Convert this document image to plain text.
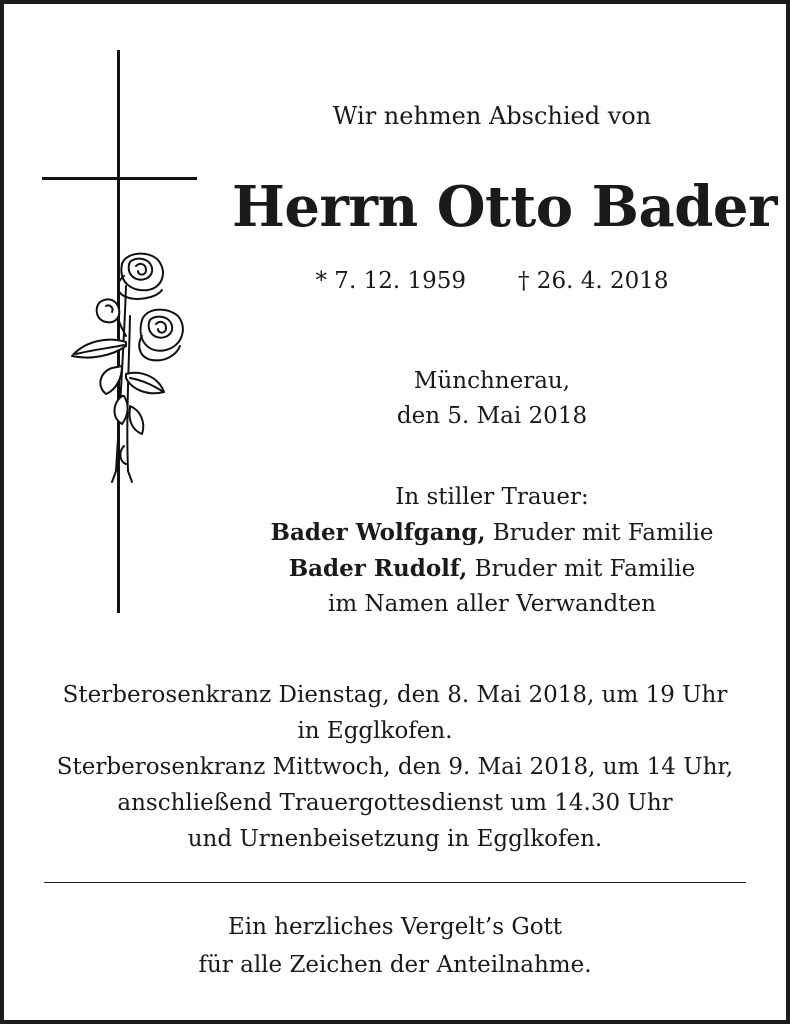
Wir nehmen Abschied von
Herrn Otto Bader
* 7. 12. 1959 † 26. 4. 2018
Münchnerau,
den 5. Mai 2018
In stiller Trauer:
Bader Wolfgang, Bruder mit Familie
Bader Rudolf, Bruder mit Familie
im Namen aller Verwandten
Sterberosenkranz Dienstag, den 8. Mai 2018, um 19 Uhr
in Egglkofen.
Sterberosenkranz Mittwoch, den 9. Mai 2018, um 14 Uhr,
anschließend Trauergottesdienst um 14.30 Uhr
und Urnenbeisetzung in Egglkofen.
Ein herzliches Vergelt’s Gott
für alle Zeichen der Anteilnahme.
